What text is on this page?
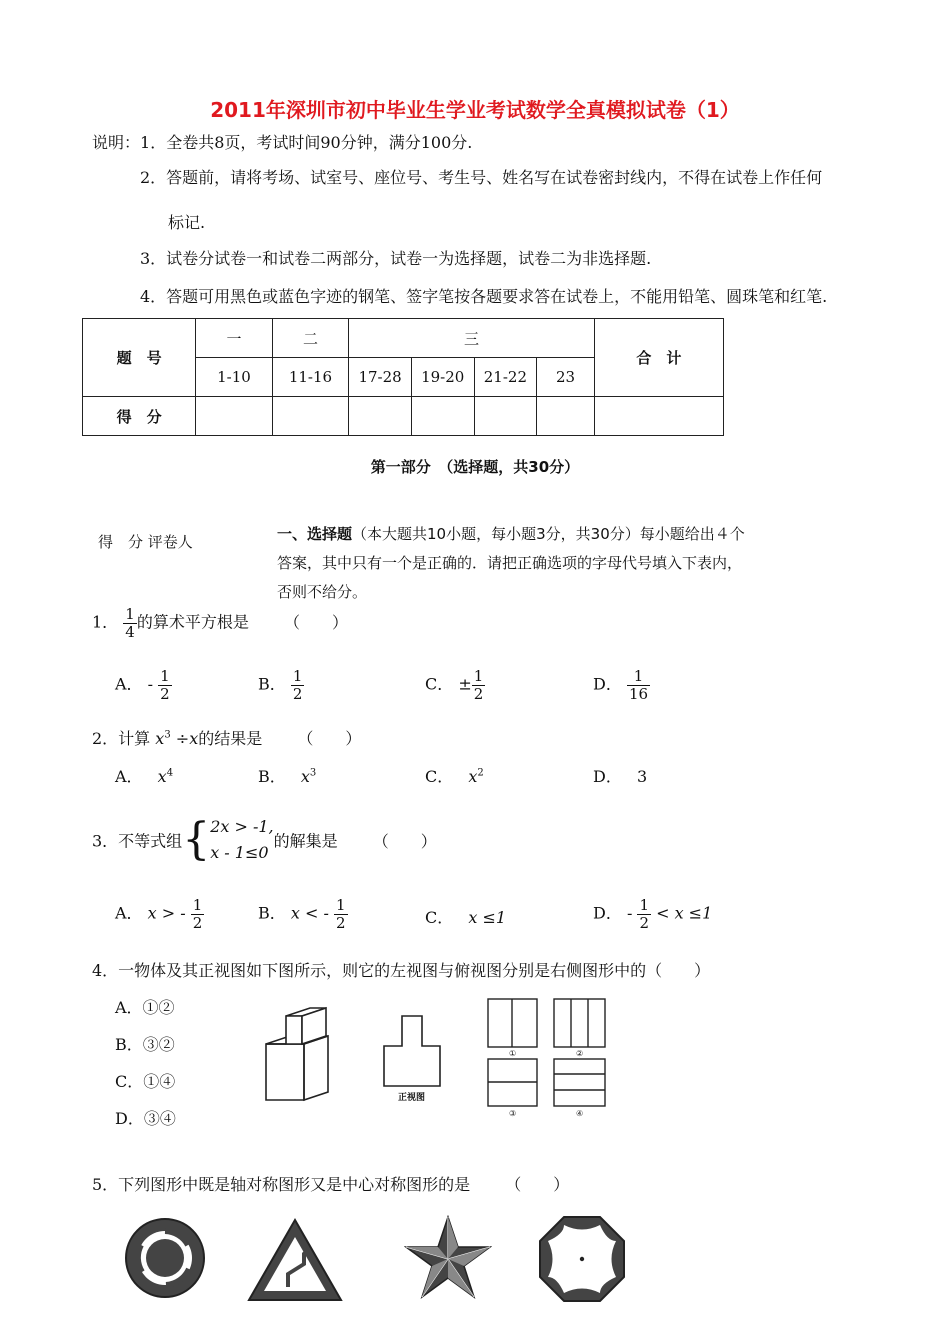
2011年深圳市初中毕业生学业考试数学全真模拟试卷（1）
说明：1．全卷共8页，考试时间90分钟，满分100分.
2．答题前，请将考场、试室号、座位号、考生号、姓名写在试卷密封线内，不得在试卷上作任何
标记.
3．试卷分试卷一和试卷二两部分，试卷一为选择题，试卷二为非选择题.
4．答题可用黑色或蓝色字迹的钢笔、签字笔按各题要求答在试卷上，不能用铅笔、圆珠笔和红笔.
题　号	一	二	三				合　计
	1-10	11-16	17-28	19-20	21-22	23	
得　分							
第一部分　（选择题，共30分）
得　分 评卷人	一、选择题（本大题共10小题，每小题3分，共30分）每小题给出４个答案，其中只有一个是正确的．请把正确选项的字母代号填入下表内，否则不给分。
1． $\frac{1}{4}$ 的算术平方根是 （　　）
A． - $\frac{1}{2}$	B． $\frac{1}{2}$	C． ± $\frac{1}{2}$	D． $\frac{1}{16}$
2．计算 $x^3 \div x$的结果是 （　　）
A． $x^4$	B． $x^3$	C． $x^2$	D． 3
3．不等式组{ 2x > -1,
x - 1≤0
的解集是 （　　）
A． x > - $\frac{1}{2}$	B． x < - $\frac{1}{2}$	C． x ≤1	D． - $\frac{1}{2} < x \le 1$
4．一物体及其正视图如下图所示，则它的左视图与俯视图分别是右侧图形中的（　　）
A．①②
B．③②
C．①④
D．③④
正视图
①	②
③	④
5．下列图形中既是轴对称图形又是中心对称图形的是 （　　）
